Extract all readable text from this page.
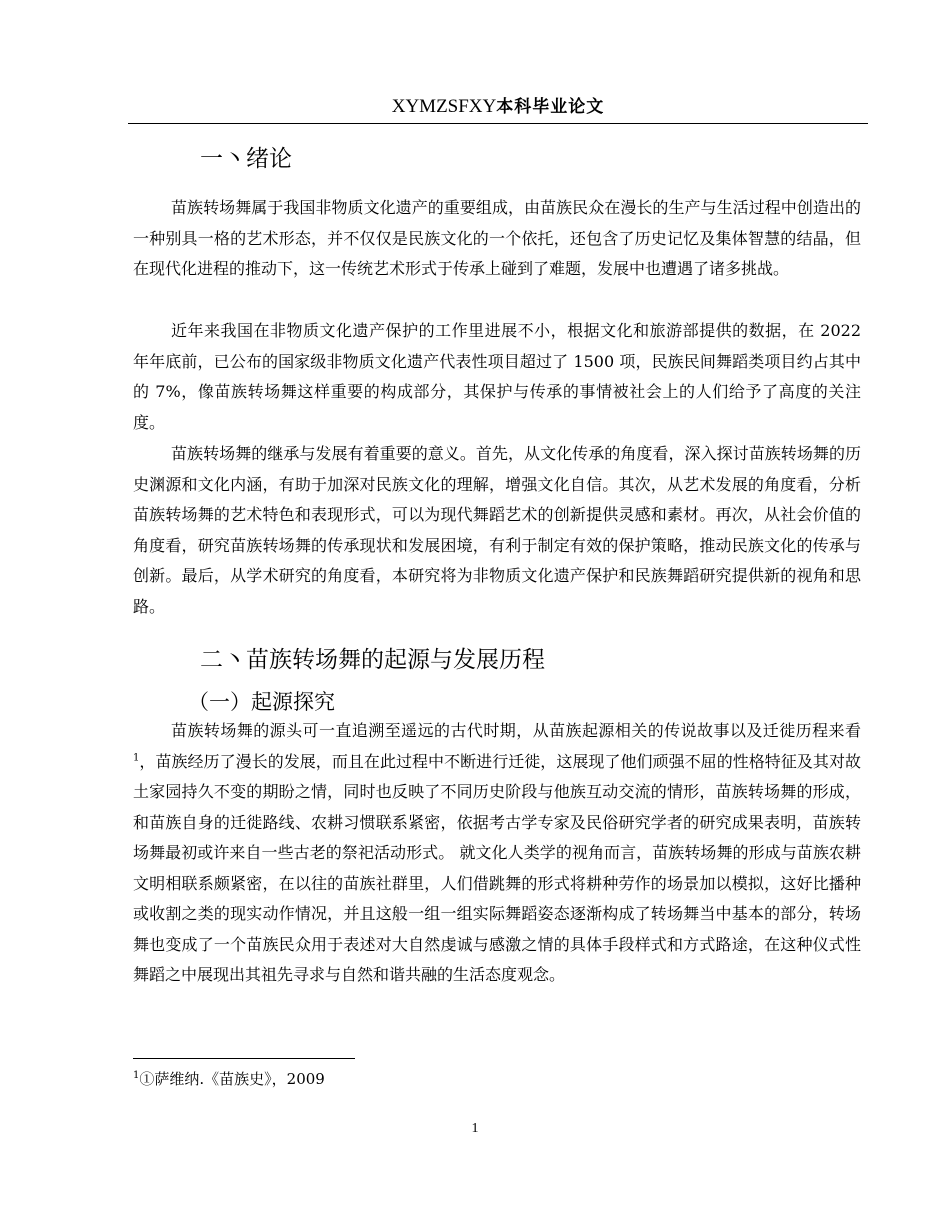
XYMZSFXY本科毕业论文
一丶绪论

苗族转场舞属于我国非物质文化遗产的重要组成，由苗族民众在漫长的生产与生活过程中创造出的一种别具一格的艺术形态，并不仅仅是民族文化的一个依托，还包含了历史记忆及集体智慧的结晶，但在现代化进程的推动下，这一传统艺术形式于传承上碰到了难题，发展中也遭遇了诸多挑战。

近年来我国在非物质文化遗产保护的工作里进展不小，根据文化和旅游部提供的数据，在 2022 年年底前，已公布的国家级非物质文化遗产代表性项目超过了 1500 项，民族民间舞蹈类项目约占其中的 7%，像苗族转场舞这样重要的构成部分，其保护与传承的事情被社会上的人们给予了高度的关注度。

苗族转场舞的继承与发展有着重要的意义。首先，从文化传承的角度看，深入探讨苗族转场舞的历史渊源和文化内涵，有助于加深对民族文化的理解，增强文化自信。其次，从艺术发展的角度看，分析苗族转场舞的艺术特色和表现形式，可以为现代舞蹈艺术的创新提供灵感和素材。再次，从社会价值的角度看，研究苗族转场舞的传承现状和发展困境，有利于制定有效的保护策略，推动民族文化的传承与创新。最后，从学术研究的角度看，本研究将为非物质文化遗产保护和民族舞蹈研究提供新的视角和思路。

二丶苗族转场舞的起源与发展历程
（一）起源探究

苗族转场舞的源头可一直追溯至遥远的古代时期，从苗族起源相关的传说故事以及迁徙历程来看$^1$，苗族经历了漫长的发展，而且在此过程中不断进行迁徙，这展现了他们顽强不屈的性格特征及其对故土家园持久不变的期盼之情，同时也反映了不同历史阶段与他族互动交流的情形，苗族转场舞的形成，和苗族自身的迁徙路线、农耕习惯联系紧密，依据考古学专家及民俗研究学者的研究成果表明，苗族转场舞最初或许来自一些古老的祭祀活动形式。 就文化人类学的视角而言，苗族转场舞的形成与苗族农耕文明相联系颇紧密，在以往的苗族社群里，人们借跳舞的形式将耕种劳作的场景加以模拟，这好比播种或收割之类的现实动作情况，并且这般一组一组实际舞蹈姿态逐渐构成了转场舞当中基本的部分，转场舞也变成了一个苗族民众用于表述对大自然虔诚与感激之情的具体手段样式和方式路途，在这种仪式性舞蹈之中展现出其祖先寻求与自然和谐共融的生活态度观念。

$^1$①萨维纳.《苗族史》，2009
1
